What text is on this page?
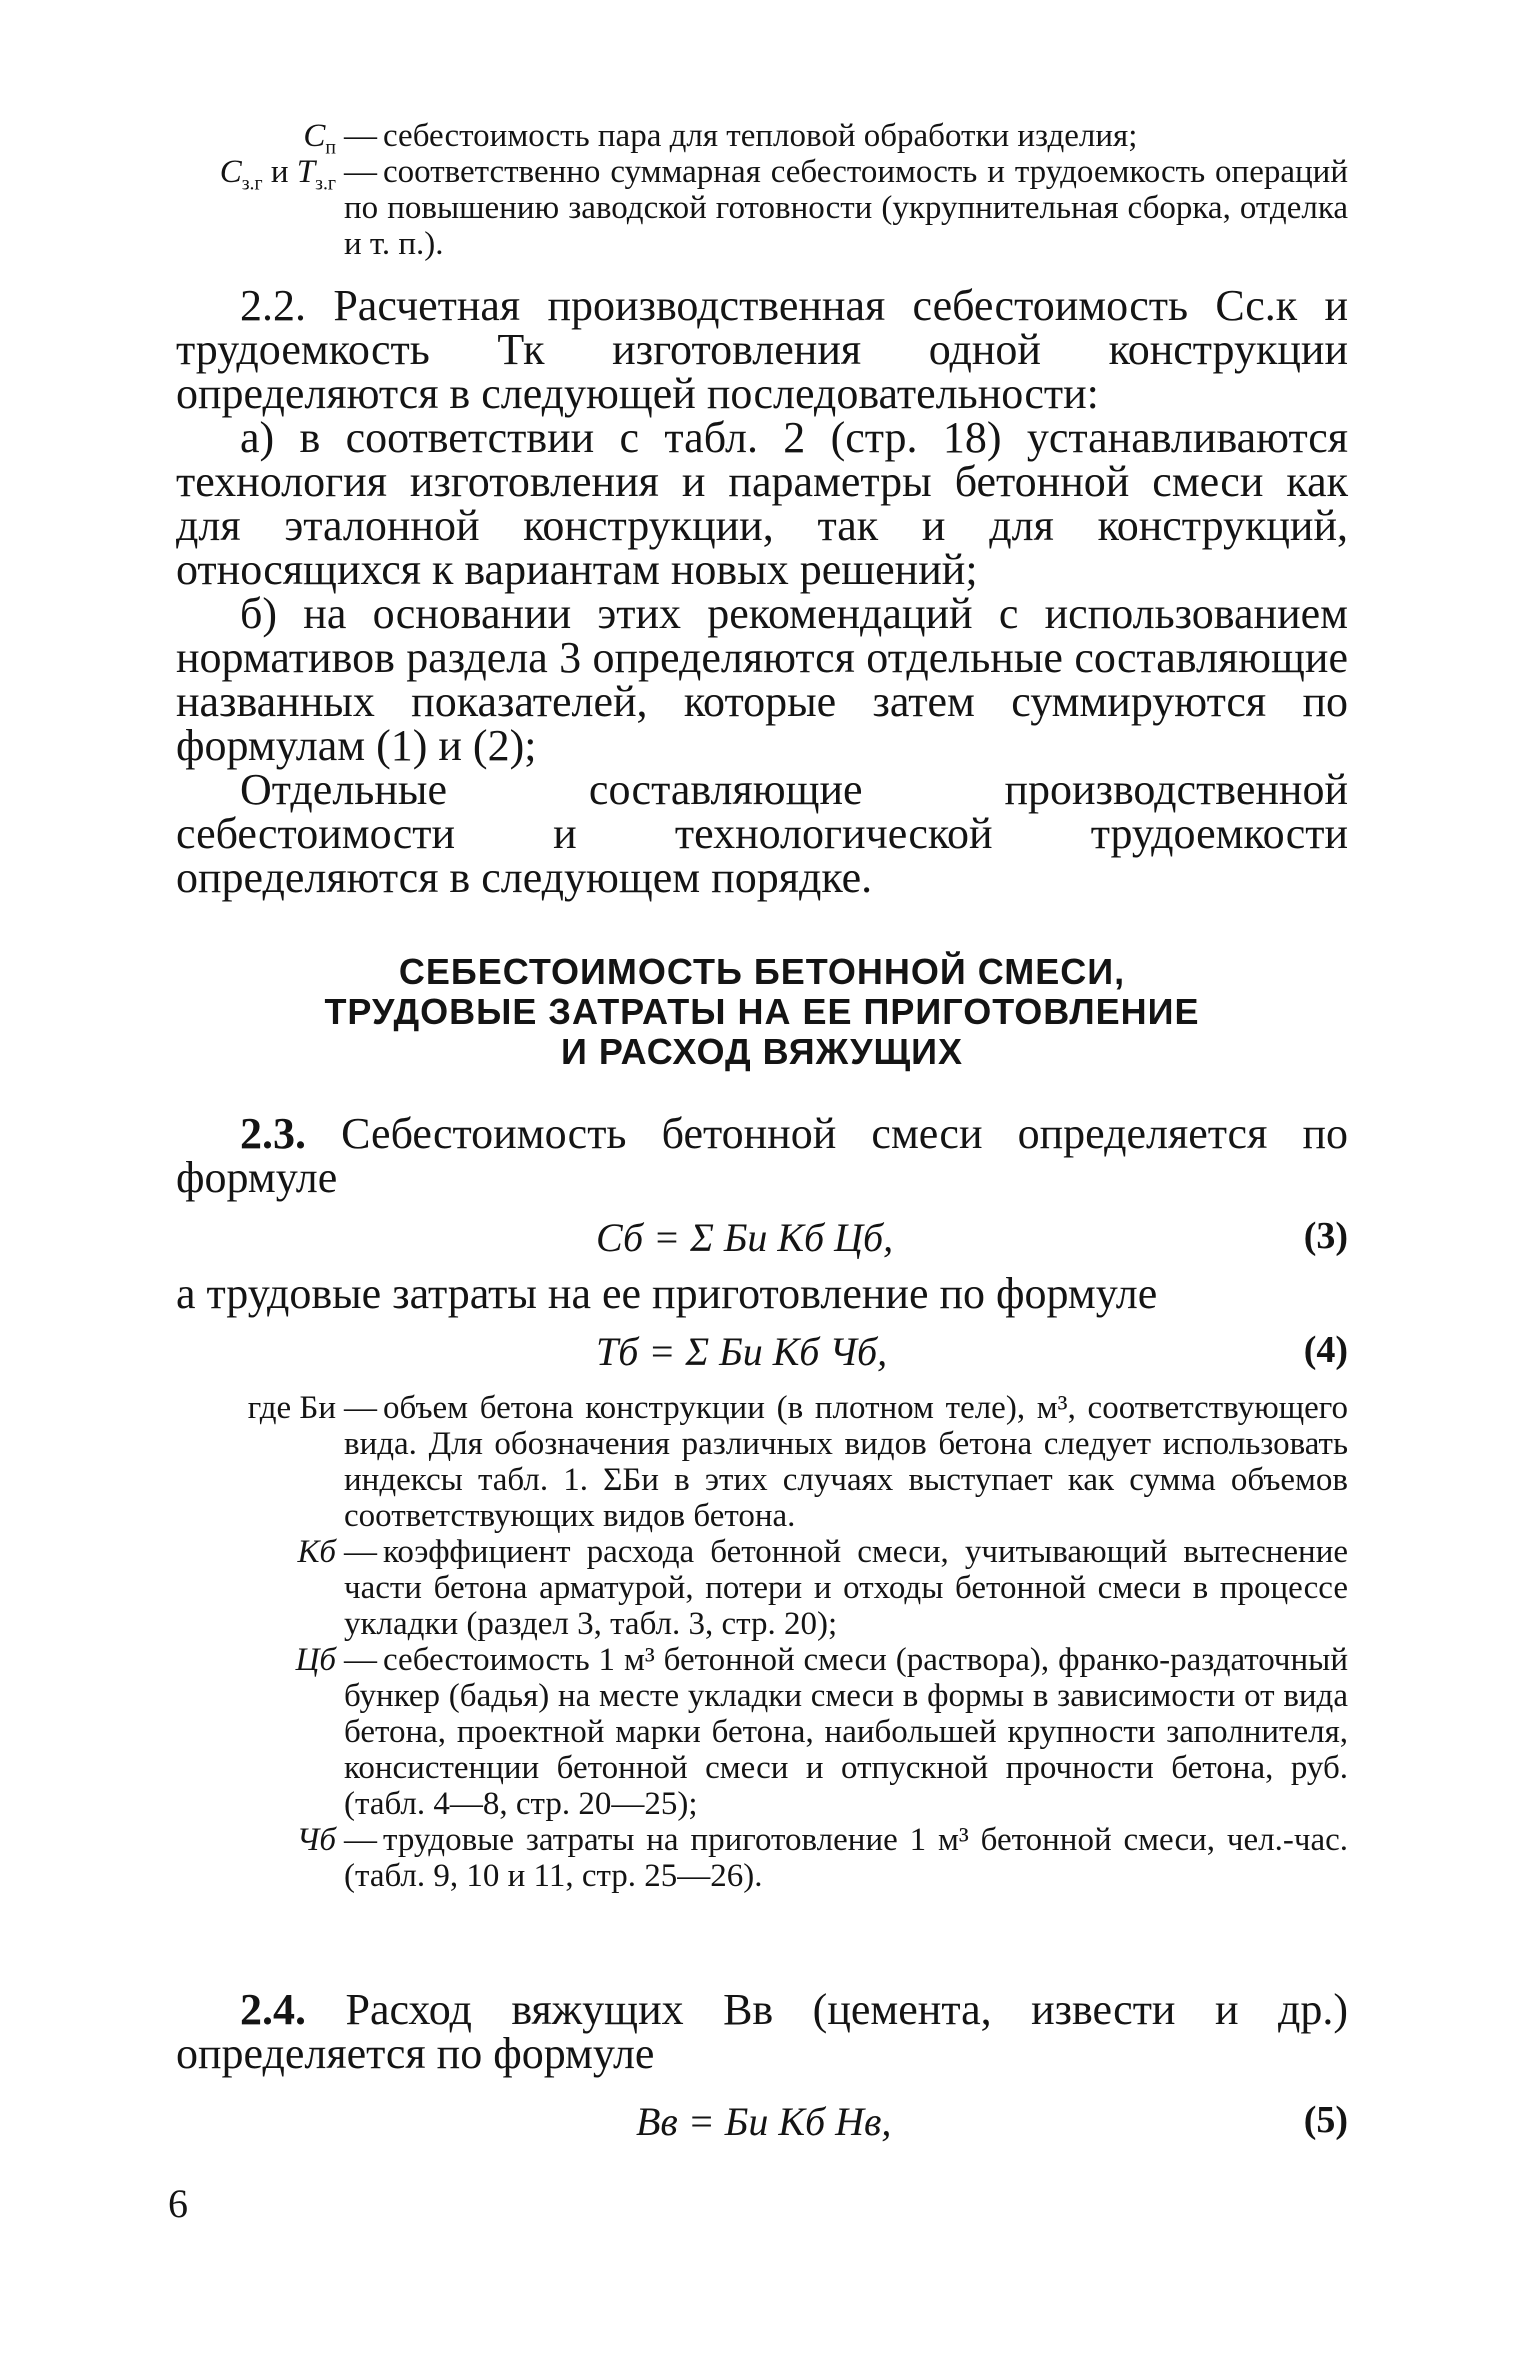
$С_п$ — себестоимость пара для тепловой обработки изделия;
$С_{з.г}$ и $Т_{з.г}$ — соответственно суммарная себестоимость и трудоемкость операций по повышению заводской готовности (укрупнительная сборка, отделка и т. п.).

2.2. Расчетная производственная себестоимость Сс.к и трудоемкость Тк изготовления одной конструкции определяются в следующей последовательности:

а) в соответствии с табл. 2 (стр. 18) устанавливаются технология изготовления и параметры бетонной смеси как для эталонной конструкции, так и для конструкций, относящихся к вариантам новых решений;

б) на основании этих рекомендаций с использованием нормативов раздела 3 определяются отдельные составляющие названных показателей, которые затем суммируются по формулам (1) и (2);

Отдельные составляющие производственной себестоимости и технологической трудоемкости определяются в следующем порядке.

СЕБЕСТОИМОСТЬ БЕТОННОЙ СМЕСИ,
ТРУДОВЫЕ ЗАТРАТЫ НА ЕЕ ПРИГОТОВЛЕНИЕ
И РАСХОД ВЯЖУЩИХ

2.3. Себестоимость бетонной смеси определяется по формуле

Сб = Σ Би Кб Цб,	(3)

а трудовые затраты на ее приготовление по формуле

Тб = Σ Би Кб Чб,	(4)
где Би — объем бетона конструкции (в плотном теле), м³, соответствующего вида. Для обозначения различных видов бетона следует использовать индексы табл. 1. ΣБи в этих случаях выступает как сумма объемов соответствующих видов бетона.
Кб — коэффициент расхода бетонной смеси, учитывающий вытеснение части бетона арматурой, потери и отходы бетонной смеси в процессе укладки (раздел 3, табл. 3, стр. 20);
Цб — себестоимость 1 м³ бетонной смеси (раствора), франко-раздаточный бункер (бадья) на месте укладки смеси в формы в зависимости от вида бетона, проектной марки бетона, наибольшей крупности заполнителя, консистенции бетонной смеси и отпускной прочности бетона, руб. (табл. 4—8, стр. 20—25);
Чб — трудовые затраты на приготовление 1 м³ бетонной смеси, чел.-час. (табл. 9, 10 и 11, стр. 25—26).

2.4. Расход вяжущих Вв (цемента, извести и др.) определяется по формуле

Вв = Би Кб Нв,	(5)
6
